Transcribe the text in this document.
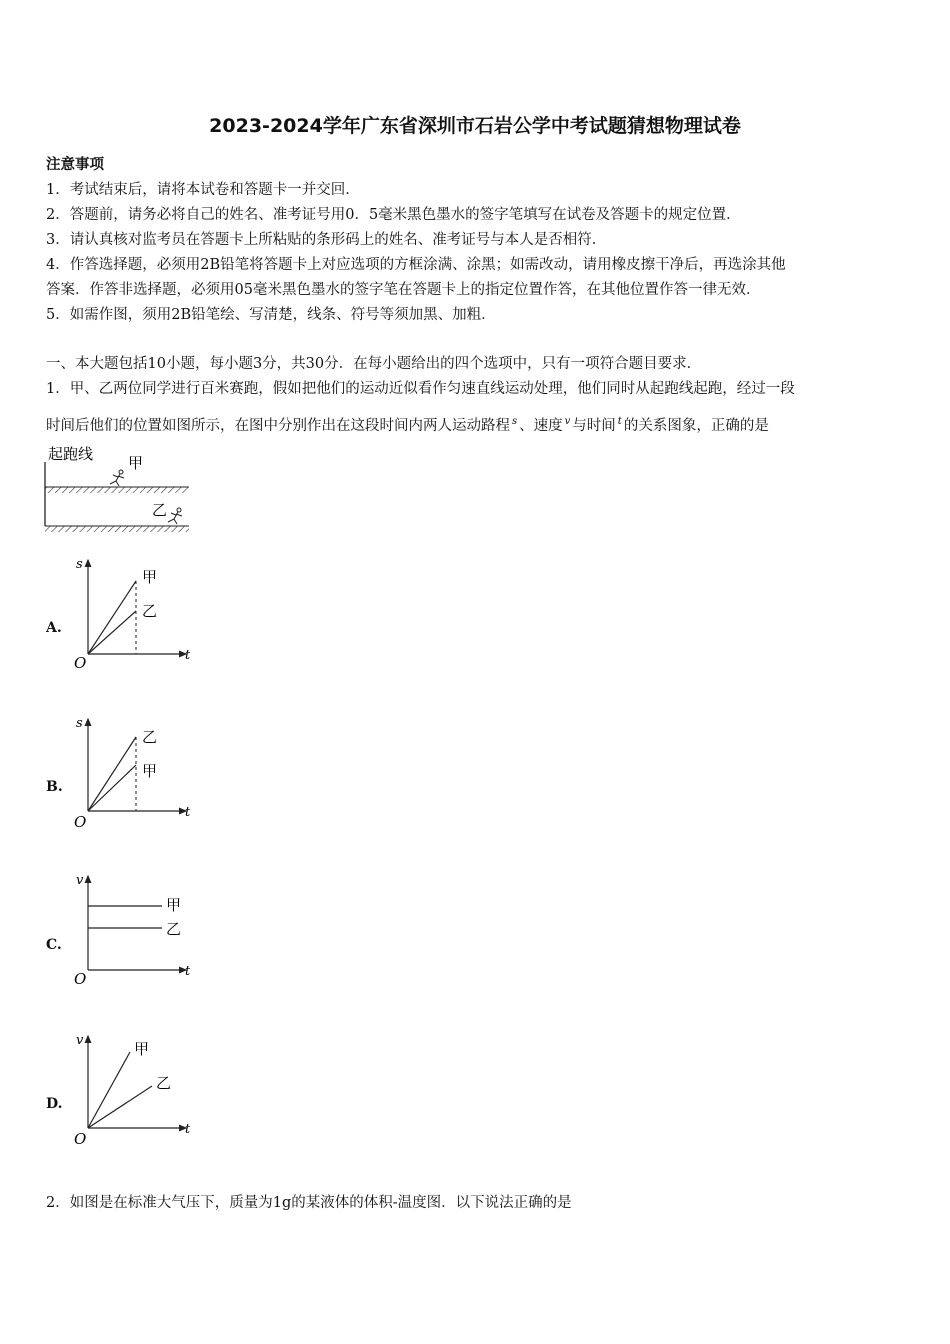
2023-2024学年广东省深圳市石岩公学中考试题猜想物理试卷
注意事项
1．考试结束后，请将本试卷和答题卡一并交回．
2．答题前，请务必将自己的姓名、准考证号用0．5毫米黑色墨水的签字笔填写在试卷及答题卡的规定位置．
3．请认真核对监考员在答题卡上所粘贴的条形码上的姓名、准考证号与本人是否相符．
4．作答选择题，必须用2B铅笔将答题卡上对应选项的方框涂满、涂黑；如需改动，请用橡皮擦干净后，再选涂其他
答案．作答非选择题，必须用05毫米黑色墨水的签字笔在答题卡上的指定位置作答，在其他位置作答一律无效．
5．如需作图，须用2B铅笔绘、写清楚，线条、符号等须加黑、加粗．
一、本大题包括10小题，每小题3分，共30分．在每小题给出的四个选项中，只有一项符合题目要求．
1．甲、乙两位同学进行百米赛跑，假如把他们的运动近似看作匀速直线运动处理，他们同时从起跑线起跑，经过一段
时间后他们的位置如图所示，在图中分别作出在这段时间内两人运动路程 $^s$ 、速度 $^v$ 与时间 $^t$ 的关系图象，正确的是
起跑线 甲
乙
A.
s
t
O
甲
乙
B.
s
t
O
乙
甲
C.
v
t
O
甲
乙
D.
v
t
O
甲
乙
2．如图是在标准大气压下，质量为1g的某液体的体积-温度图．以下说法正确的是
